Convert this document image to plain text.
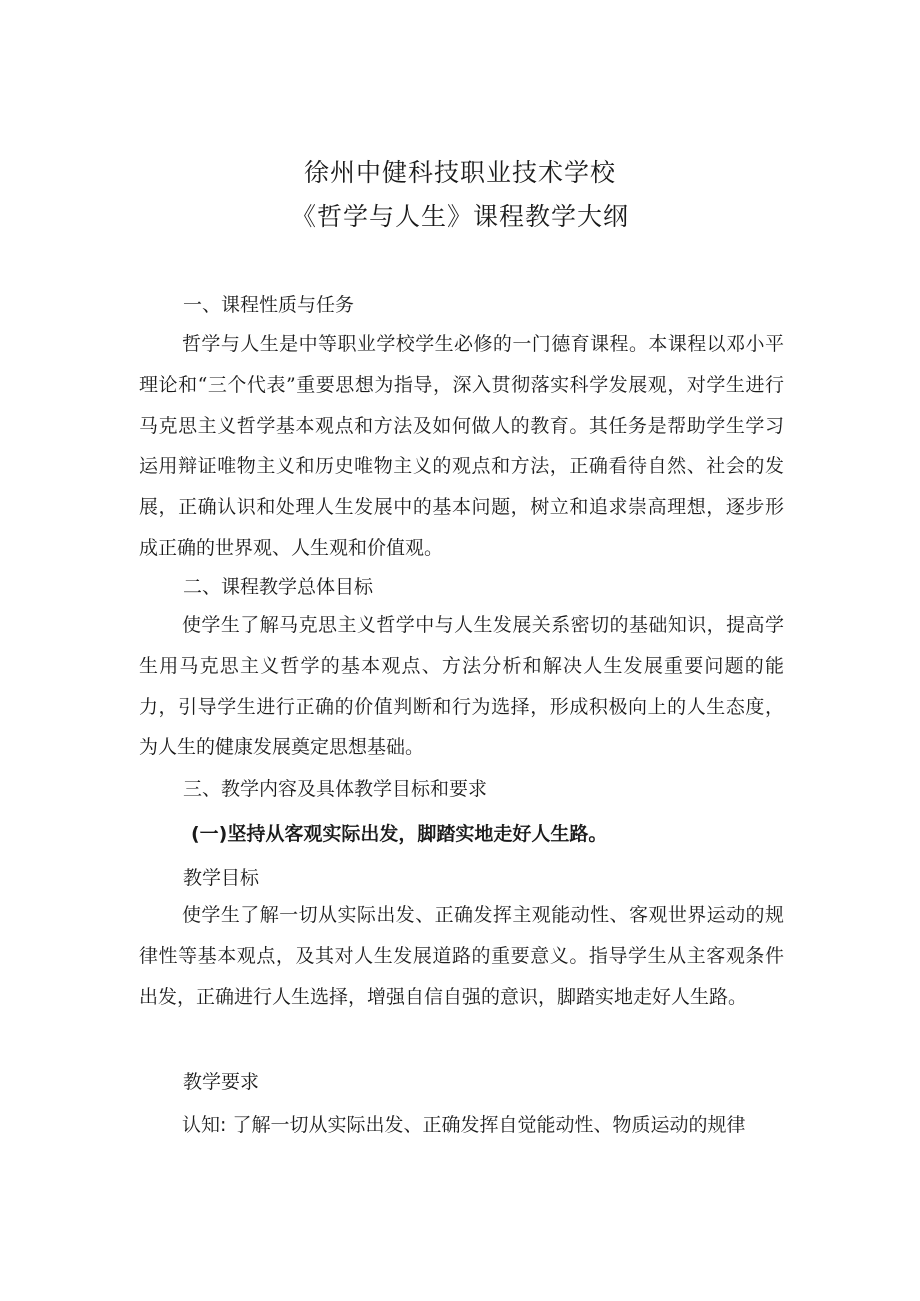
徐州中健科技职业技术学校
《哲学与人生》课程教学大纲
一、课程性质与任务

哲学与人生是中等职业学校学生必修的一门德育课程。本课程以邓小平理论和“三个代表”重要思想为指导，深入贯彻落实科学发展观，对学生进行马克思主义哲学基本观点和方法及如何做人的教育。其任务是帮助学生学习运用辩证唯物主义和历史唯物主义的观点和方法，正确看待自然、社会的发展，正确认识和处理人生发展中的基本问题，树立和追求崇高理想，逐步形成正确的世界观、人生观和价值观。

二、课程教学总体目标

使学生了解马克思主义哲学中与人生发展关系密切的基础知识，提高学生用马克思主义哲学的基本观点、方法分析和解决人生发展重要问题的能力，引导学生进行正确的价值判断和行为选择，形成积极向上的人生态度，为人生的健康发展奠定思想基础。

三、教学内容及具体教学目标和要求
(一)坚持从客观实际出发，脚踏实地走好人生路。
教学目标

使学生了解一切从实际出发、正确发挥主观能动性、客观世界运动的规律性等基本观点，及其对人生发展道路的重要意义。指导学生从主客观条件出发，正确进行人生选择，增强自信自强的意识，脚踏实地走好人生路。

教学要求

认知: 了解一切从实际出发、正确发挥自觉能动性、物质运动的规律
